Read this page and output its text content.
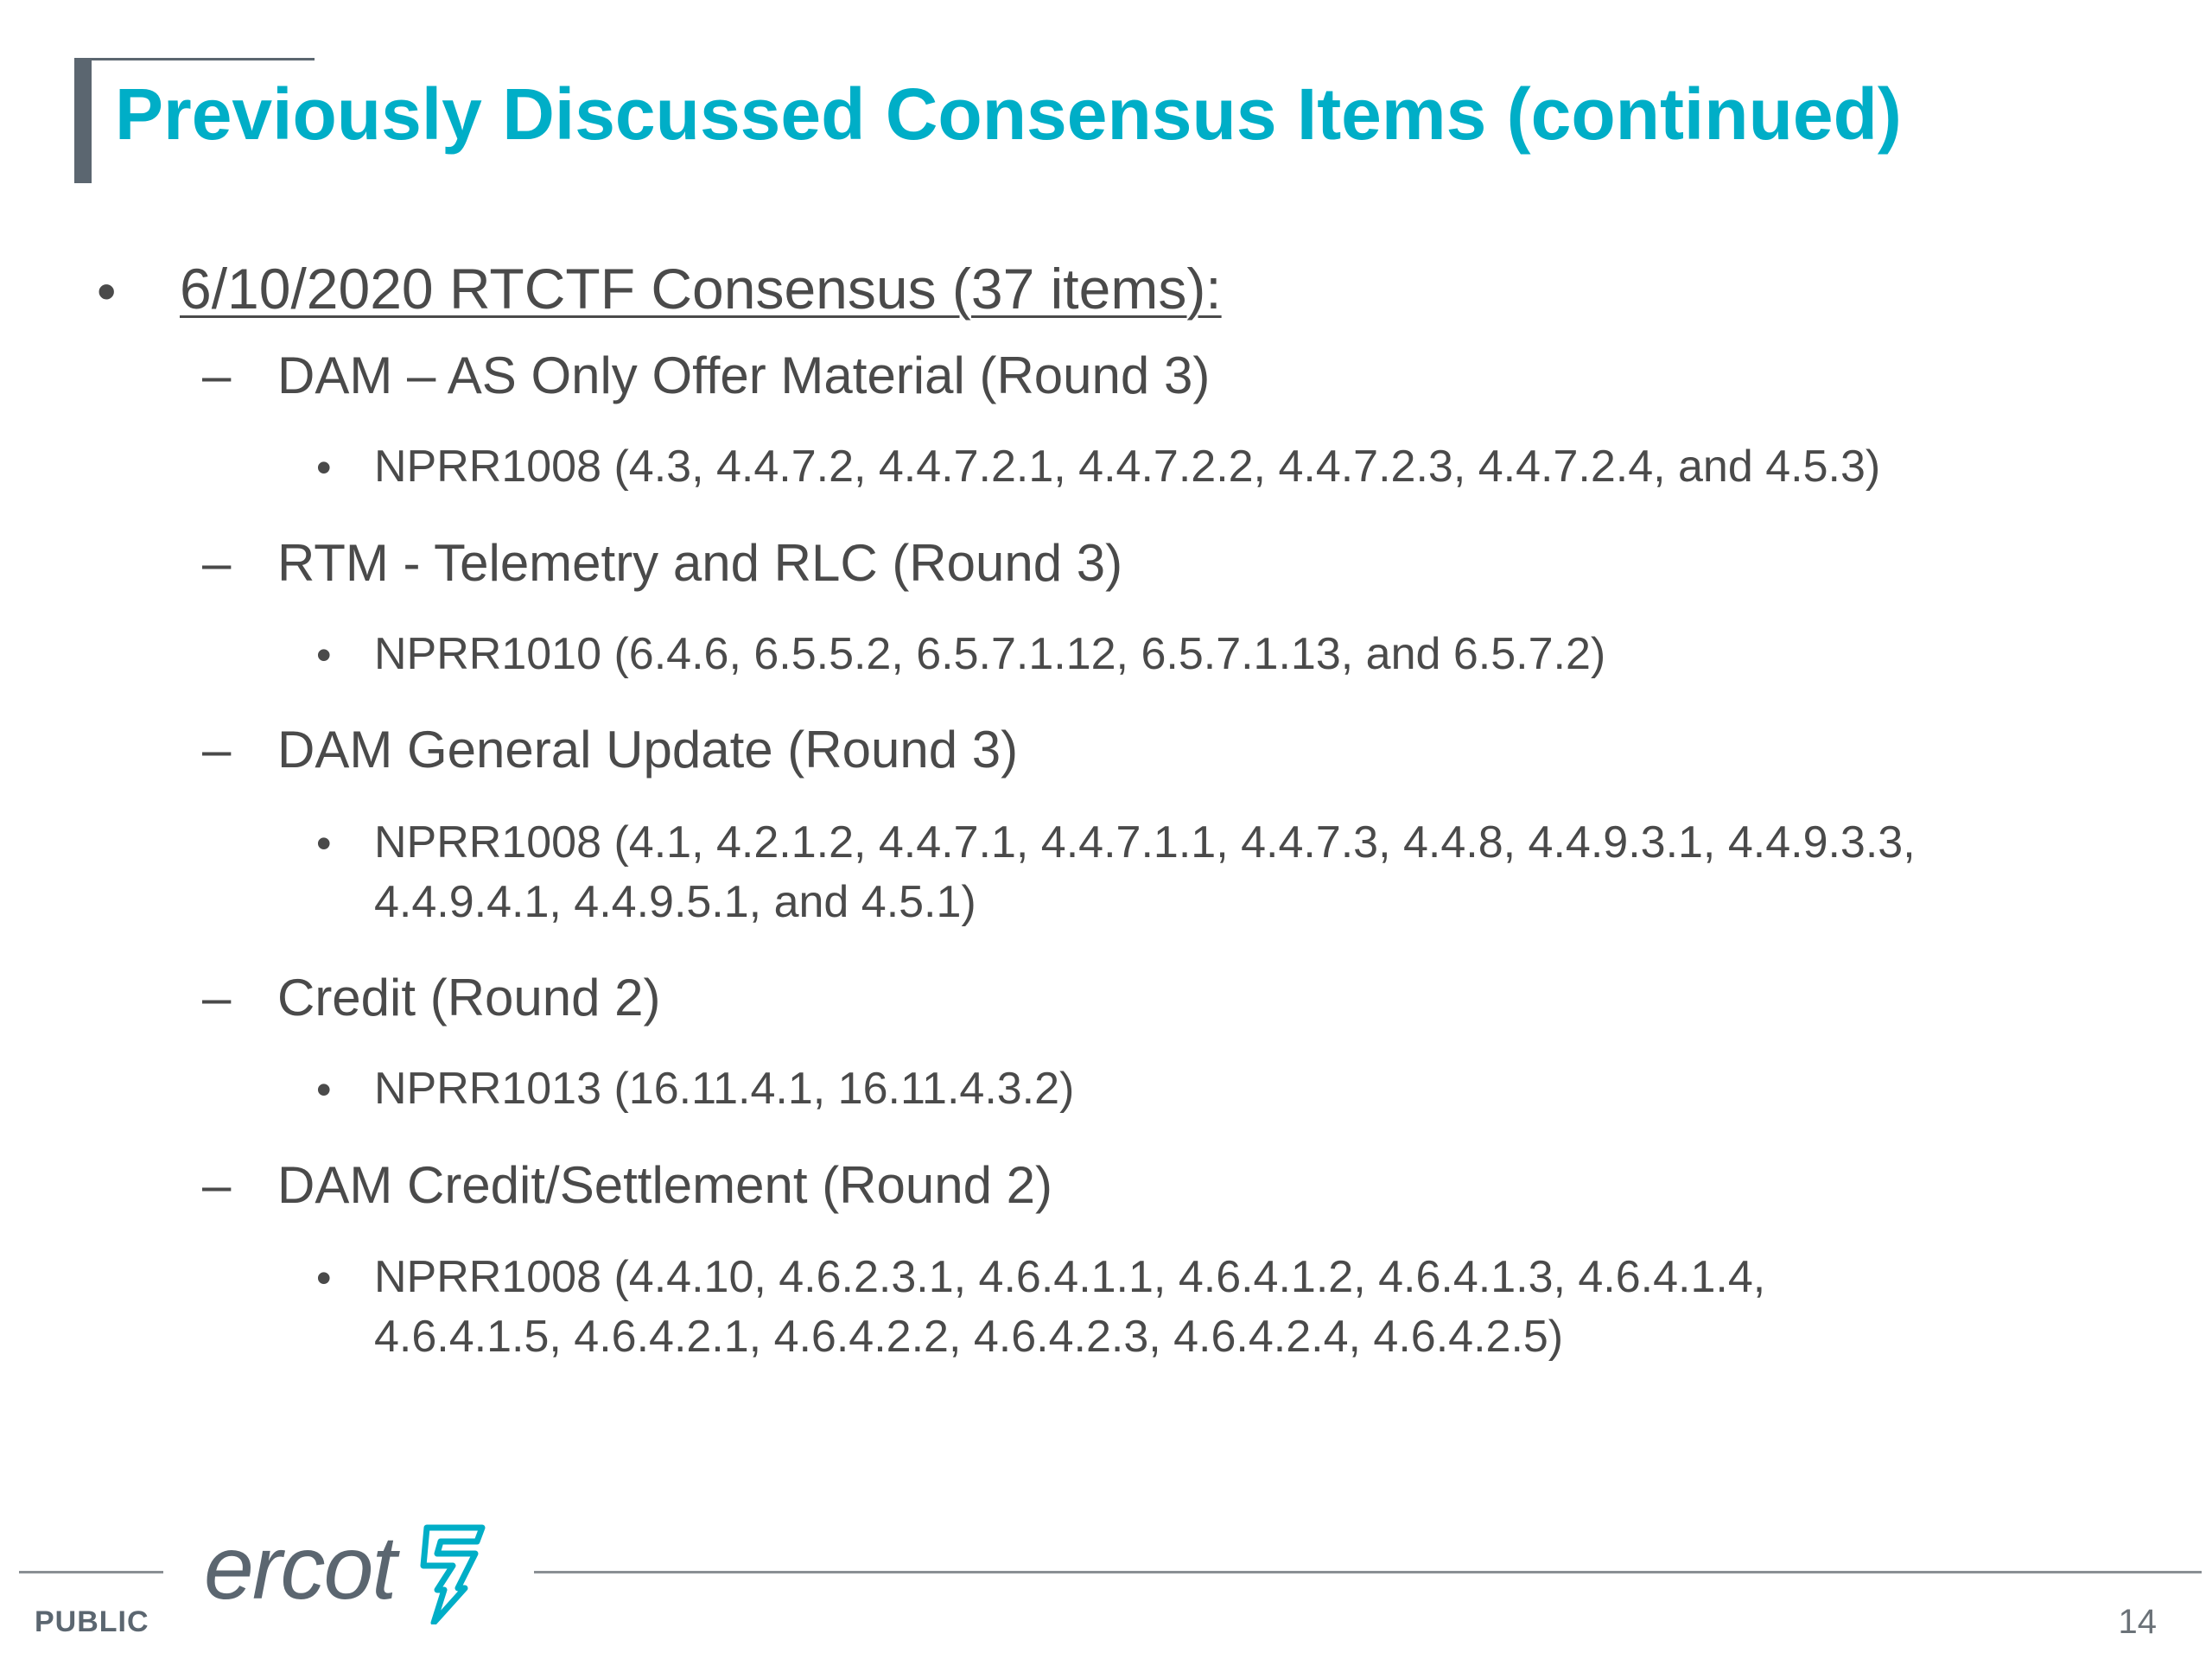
Previously Discussed Consensus Items (continued)
• 6/10/2020 RTCTF Consensus (37 items):
– DAM – AS Only Offer Material (Round 3)
• NPRR1008 (4.3, 4.4.7.2, 4.4.7.2.1, 4.4.7.2.2, 4.4.7.2.3, 4.4.7.2.4, and 4.5.3)
– RTM - Telemetry and RLC (Round 3)
• NPRR1010 (6.4.6, 6.5.5.2, 6.5.7.1.12, 6.5.7.1.13, and 6.5.7.2)
– DAM General Update (Round 3)
• NPRR1008 (4.1, 4.2.1.2, 4.4.7.1, 4.4.7.1.1, 4.4.7.3, 4.4.8, 4.4.9.3.1, 4.4.9.3.3,
4.4.9.4.1, 4.4.9.5.1, and 4.5.1)
– Credit (Round 2)
• NPRR1013 (16.11.4.1, 16.11.4.3.2)
– DAM Credit/Settlement (Round 2)
• NPRR1008 (4.4.10, 4.6.2.3.1, 4.6.4.1.1, 4.6.4.1.2, 4.6.4.1.3, 4.6.4.1.4,
4.6.4.1.5, 4.6.4.2.1, 4.6.4.2.2, 4.6.4.2.3, 4.6.4.2.4, 4.6.4.2.5)
ercot
PUBLIC	14
